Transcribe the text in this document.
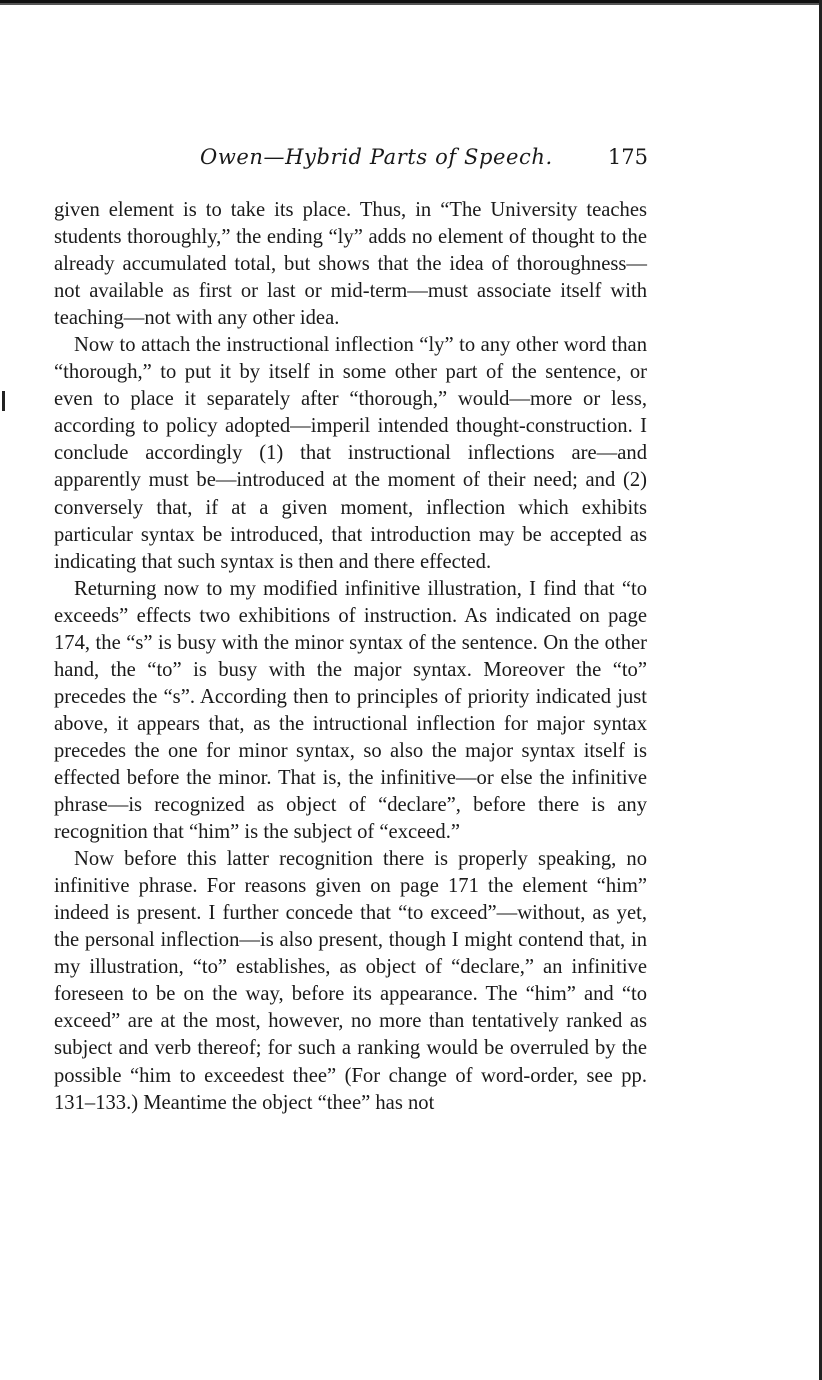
Owen—Hybrid Parts of Speech.	175

given element is to take its place. Thus, in “The University teaches students thoroughly,” the ending “ly” adds no element of thought to the already accumulated total, but shows that the idea of thoroughness—not available as first or last or mid-term—must associate itself with teaching—not with any other idea.

Now to attach the instructional inflection “ly” to any other word than “thorough,” to put it by itself in some other part of the sentence, or even to place it separately after “thorough,” would—more or less, according to policy adopted—imperil intended thought-construction. I conclude accordingly (1) that instructional inflections are—and apparently must be—introduced at the moment of their need; and (2) conversely that, if at a given moment, inflection which exhibits particular syntax be introduced, that introduction may be accepted as indicating that such syntax is then and there effected.

Returning now to my modified infinitive illustration, I find that “to exceeds” effects two exhibitions of instruction. As indicated on page 174, the “s” is busy with the minor syntax of the sentence. On the other hand, the “to” is busy with the major syntax. Moreover the “to” precedes the “s”. According then to principles of priority indicated just above, it appears that, as the intructional inflection for major syntax precedes the one for minor syntax, so also the major syntax itself is effected before the minor. That is, the infinitive—or else the infinitive phrase—is recognized as object of “declare”, before there is any recognition that “him” is the subject of “exceed.”

Now before this latter recognition there is properly speaking, no infinitive phrase. For reasons given on page 171 the element “him” indeed is present. I further concede that “to exceed”—without, as yet, the personal inflection—is also present, though I might contend that, in my illustration, “to” establishes, as object of “declare,” an infinitive foreseen to be on the way, before its appearance. The “him” and “to exceed” are at the most, however, no more than tentatively ranked as subject and verb thereof; for such a ranking would be overruled by the possible “him to exceedest thee” (For change of word-order, see pp. 131–133.) Meantime the object “thee” has not
